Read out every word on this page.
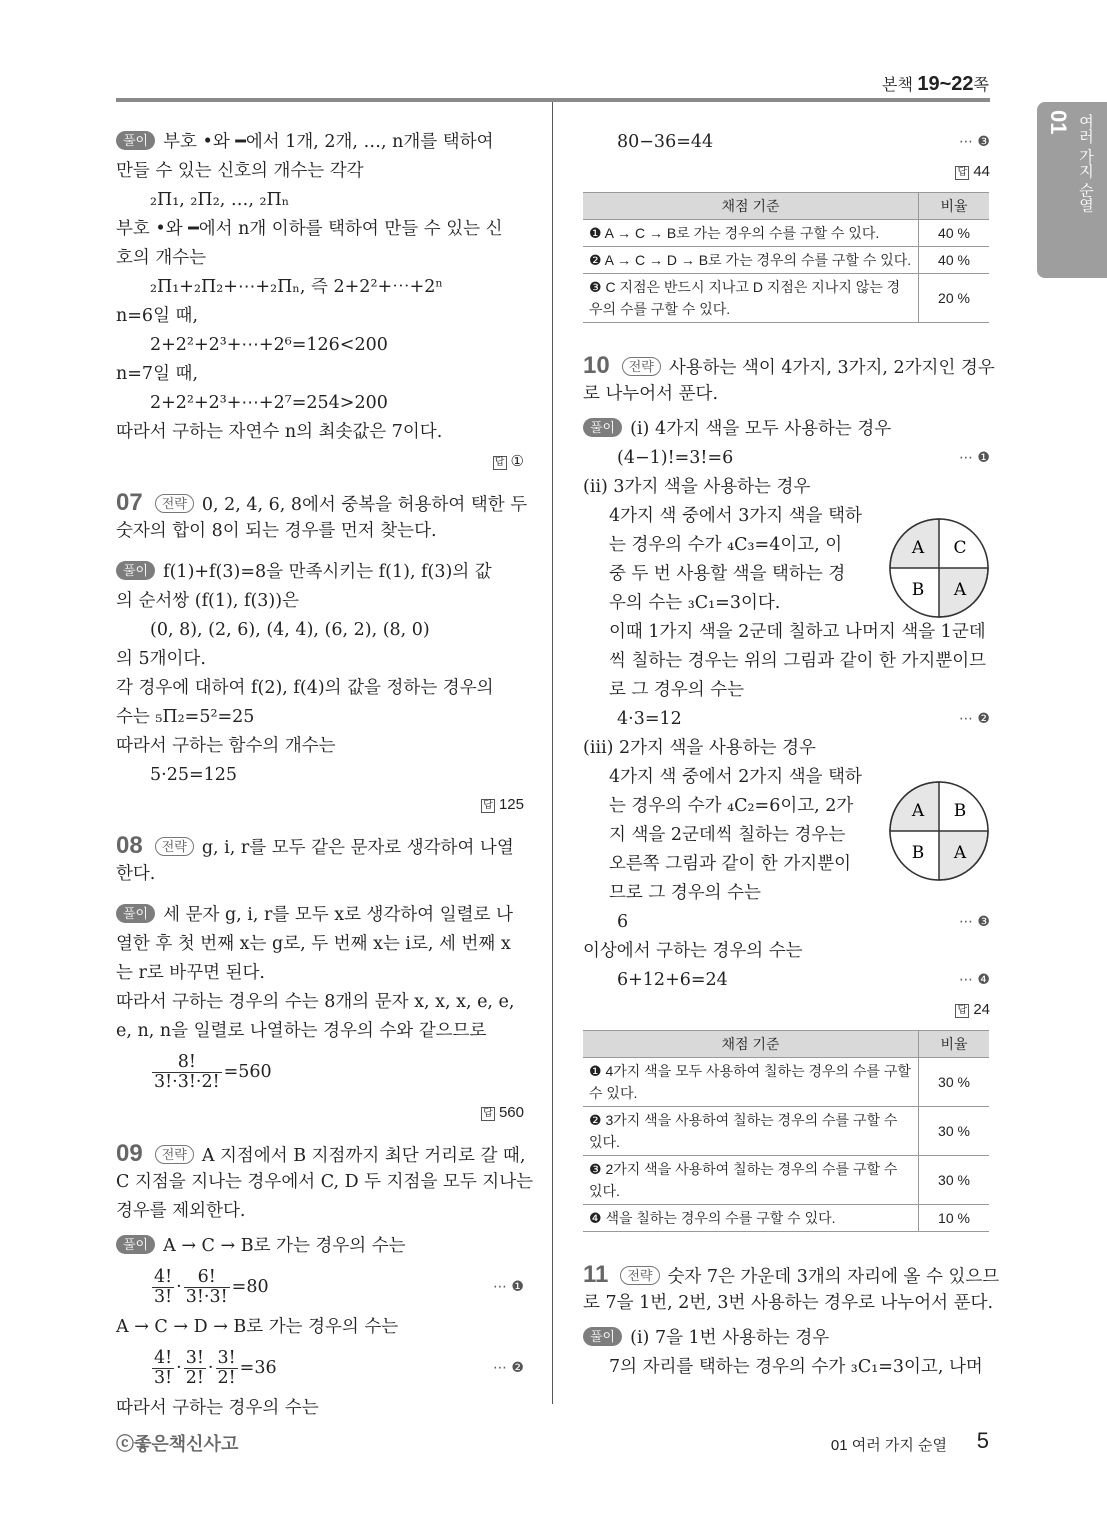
본책 19~22쪽
01 여러 가지 순열

풀이 부호 •와 ━에서 1개, 2개, …, n개를 택하여

만들 수 있는 신호의 개수는 각각

₂Π₁, ₂Π₂, …, ₂Πₙ

부호 •와 ━에서 n개 이하를 택하여 만들 수 있는 신

호의 개수는

₂Π₁+₂Π₂+⋯+₂Πₙ, 즉 2+2²+⋯+2ⁿ

n=6일 때,

2+2²+2³+⋯+2⁶=126<200

n=7일 때,

2+2²+2³+⋯+2⁷=254>200

따라서 구하는 자연수 n의 최솟값은 7이다.

답 ①

07 전략 0, 2, 4, 6, 8에서 중복을 허용하여 택한 두

숫자의 합이 8이 되는 경우를 먼저 찾는다.

풀이 f(1)+f(3)=8을 만족시키는 f(1), f(3)의 값

의 순서쌍 (f(1), f(3))은

(0, 8), (2, 6), (4, 4), (6, 2), (8, 0)

의 5개이다.

각 경우에 대하여 f(2), f(4)의 값을 정하는 경우의

수는 ₅Π₂=5²=25

따라서 구하는 함수의 개수는

5·25=125

답 125

08 전략 g, i, r를 모두 같은 문자로 생각하여 나열

한다.

풀이 세 문자 g, i, r를 모두 x로 생각하여 일렬로 나

열한 후 첫 번째 x는 g로, 두 번째 x는 i로, 세 번째 x

는 r로 바꾸면 된다.

따라서 구하는 경우의 수는 8개의 문자 x, x, x, e, e,

e, n, n을 일렬로 나열하는 경우의 수와 같으므로

$\frac{8!}{3!\cdot 3!\cdot 2!} =560$

답 560

09 전략 A 지점에서 B 지점까지 최단 거리로 갈 때,

C 지점을 지나는 경우에서 C, D 두 지점을 모두 지나는

경우를 제외한다.

풀이 A → C → B로 가는 경우의 수는

$\frac{4!}{3!} \cdot \frac{6!}{3!\cdot 3!} =80$	⋯ ❶

A → C → D → B로 가는 경우의 수는

$\frac{4!}{3!} \cdot \frac{3!}{2!} \cdot \frac{3!}{2!} =36$	⋯ ❷

따라서 구하는 경우의 수는

80−36=44	⋯ ❸

답 44

채점 기준	비율
❶ A → C → B로 가는 경우의 수를 구할 수 있다.	40 %
❷ A → C → D → B로 가는 경우의 수를 구할 수 있다.	40 %
❸ C 지점은 반드시 지나고 D 지점은 지나지 않는 경우의 수를 구할 수 있다.	20 %

10 전략 사용하는 색이 4가지, 3가지, 2가지인 경우

로 나누어서 푼다.

풀이 (ⅰ) 4가지 색을 모두 사용하는 경우

(4−1)!=3!=6	⋯ ❶

(ⅱ) 3가지 색을 사용하는 경우

4가지 색 중에서 3가지 색을 택하

는 경우의 수가 ₄C₃=4이고, 이

중 두 번 사용할 색을 택하는 경

우의 수는 ₃C₁=3이다.

이때 1가지 색을 2군데 칠하고 나머지 색을 1군데

씩 칠하는 경우는 위의 그림과 같이 한 가지뿐이므

로 그 경우의 수는

4·3=12	⋯ ❷

(ⅲ) 2가지 색을 사용하는 경우

4가지 색 중에서 2가지 색을 택하

는 경우의 수가 ₄C₂=6이고, 2가

지 색을 2군데씩 칠하는 경우는

오른쪽 그림과 같이 한 가지뿐이

므로 그 경우의 수는

6	⋯ ❸

이상에서 구하는 경우의 수는

6+12+6=24	⋯ ❹

답 24

채점 기준	비율
❶ 4가지 색을 모두 사용하여 칠하는 경우의 수를 구할 수 있다.	30 %
❷ 3가지 색을 사용하여 칠하는 경우의 수를 구할 수 있다.	30 %
❸ 2가지 색을 사용하여 칠하는 경우의 수를 구할 수 있다.	30 %
❹ 색을 칠하는 경우의 수를 구할 수 있다.	10 %

11 전략 숫자 7은 가운데 3개의 자리에 올 수 있으므

로 7을 1번, 2번, 3번 사용하는 경우로 나누어서 푼다.

풀이 (ⅰ) 7을 1번 사용하는 경우

7의 자리를 택하는 경우의 수가 ₃C₁=3이고, 나머

A C
B A
A B
B A
ⓒ좋은책신사고	01 여러 가지 순열 5
